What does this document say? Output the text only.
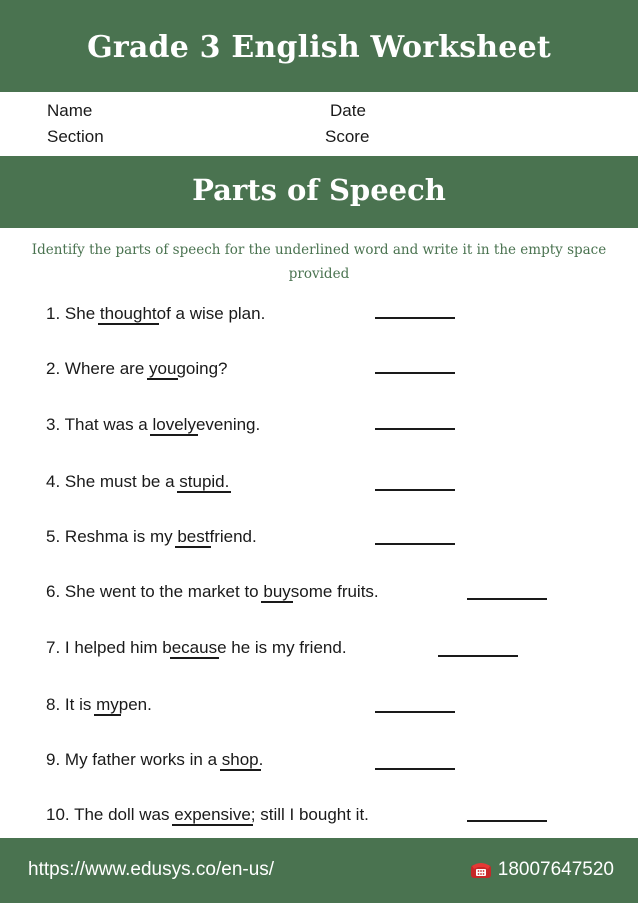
Grade 3 English Worksheet
Name	Date
Section	Score
Parts of Speech
Identify the parts of speech for the underlined word and write it in the empty space provided
1. She thoughtof a wise plan.
2. Where are yougoing?
3. That was a lovelyevening.
4. She must be a stupid.
5. Reshma is my bestfriend.
6. She went to the market to buysome fruits.
7. I helped him because he is my friend.
8. It is mypen.
9. My father works in a shop.
10. The doll was expensive; still I bought it.
https://www.edusys.co/en-us/	18007647520
